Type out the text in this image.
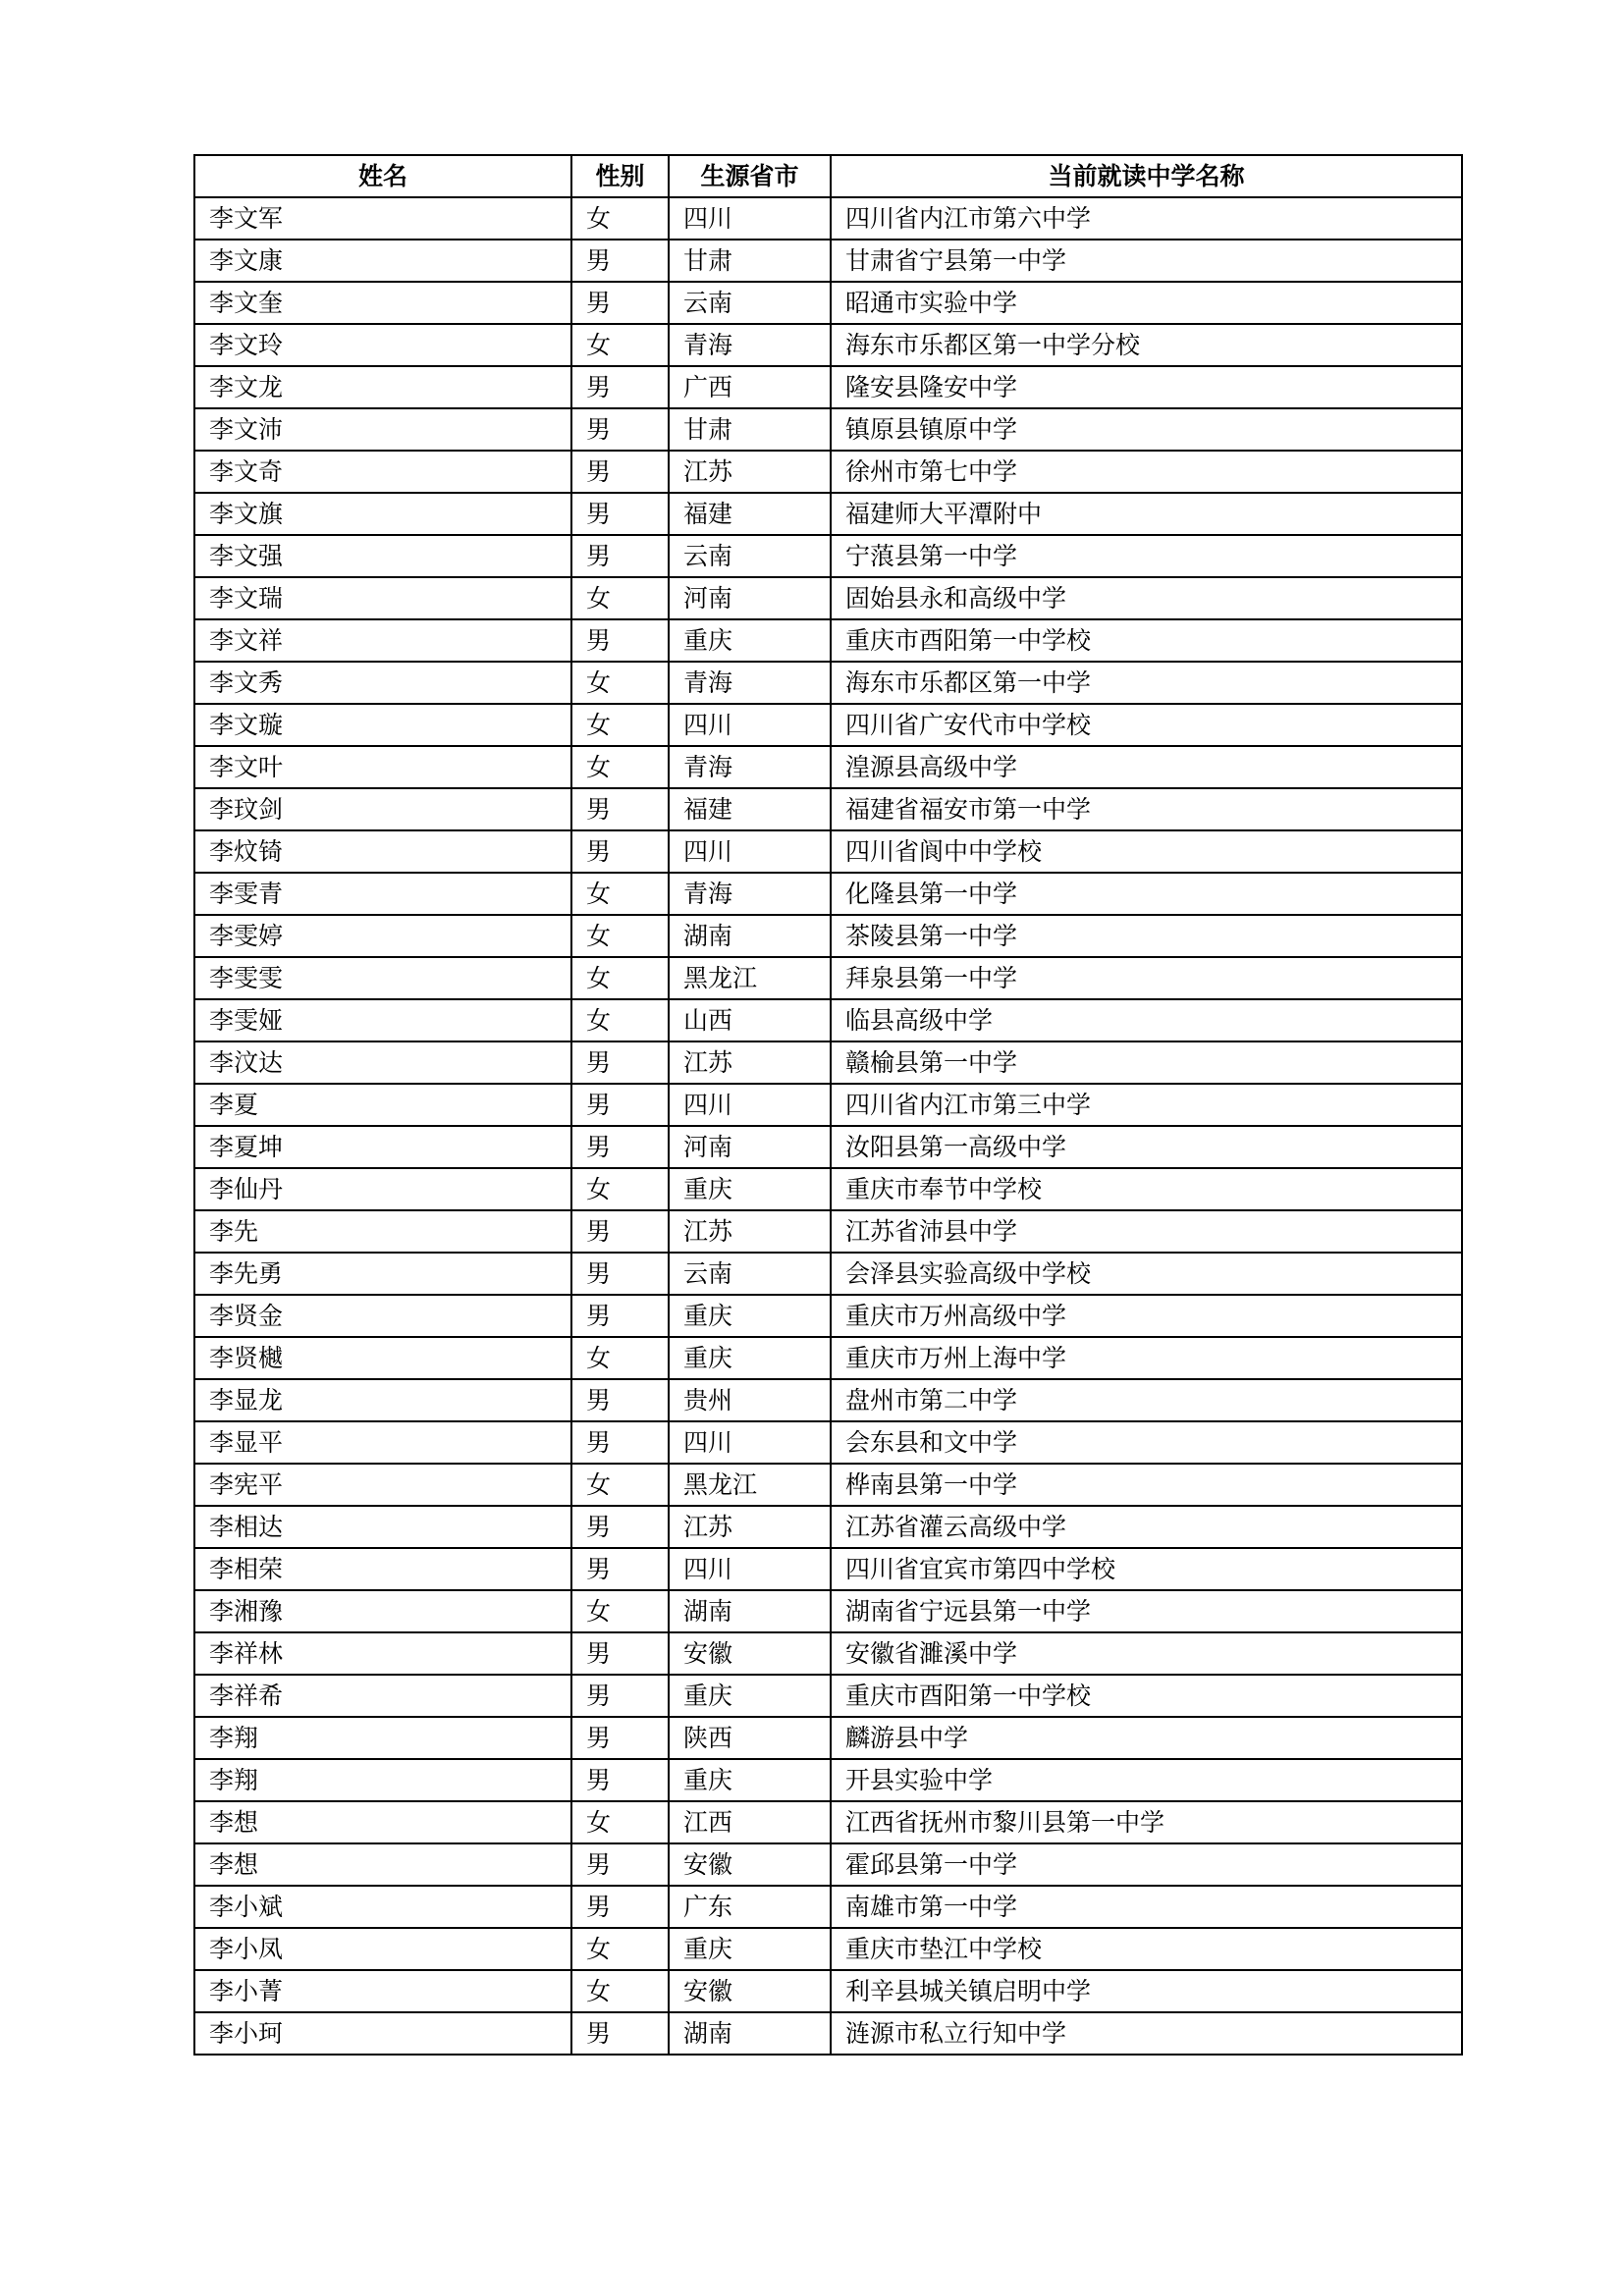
姓名	性别	生源省市	当前就读中学名称
李文军	女	四川	四川省内江市第六中学
李文康	男	甘肃	甘肃省宁县第一中学
李文奎	男	云南	昭通市实验中学
李文玲	女	青海	海东市乐都区第一中学分校
李文龙	男	广西	隆安县隆安中学
李文沛	男	甘肃	镇原县镇原中学
李文奇	男	江苏	徐州市第七中学
李文旗	男	福建	福建师大平潭附中
李文强	男	云南	宁蒗县第一中学
李文瑞	女	河南	固始县永和高级中学
李文祥	男	重庆	重庆市酉阳第一中学校
李文秀	女	青海	海东市乐都区第一中学
李文璇	女	四川	四川省广安代市中学校
李文叶	女	青海	湟源县高级中学
李玟剑	男	福建	福建省福安市第一中学
李炆锜	男	四川	四川省阆中中学校
李雯青	女	青海	化隆县第一中学
李雯婷	女	湖南	茶陵县第一中学
李雯雯	女	黑龙江	拜泉县第一中学
李雯娅	女	山西	临县高级中学
李汶达	男	江苏	赣榆县第一中学
李夏	男	四川	四川省内江市第三中学
李夏坤	男	河南	汝阳县第一高级中学
李仙丹	女	重庆	重庆市奉节中学校
李先	男	江苏	江苏省沛县中学
李先勇	男	云南	会泽县实验高级中学校
李贤金	男	重庆	重庆市万州高级中学
李贤樾	女	重庆	重庆市万州上海中学
李显龙	男	贵州	盘州市第二中学
李显平	男	四川	会东县和文中学
李宪平	女	黑龙江	桦南县第一中学
李相达	男	江苏	江苏省灌云高级中学
李相荣	男	四川	四川省宜宾市第四中学校
李湘豫	女	湖南	湖南省宁远县第一中学
李祥林	男	安徽	安徽省濉溪中学
李祥希	男	重庆	重庆市酉阳第一中学校
李翔	男	陕西	麟游县中学
李翔	男	重庆	开县实验中学
李想	女	江西	江西省抚州市黎川县第一中学
李想	男	安徽	霍邱县第一中学
李小斌	男	广东	南雄市第一中学
李小凤	女	重庆	重庆市垫江中学校
李小菁	女	安徽	利辛县城关镇启明中学
李小珂	男	湖南	涟源市私立行知中学
